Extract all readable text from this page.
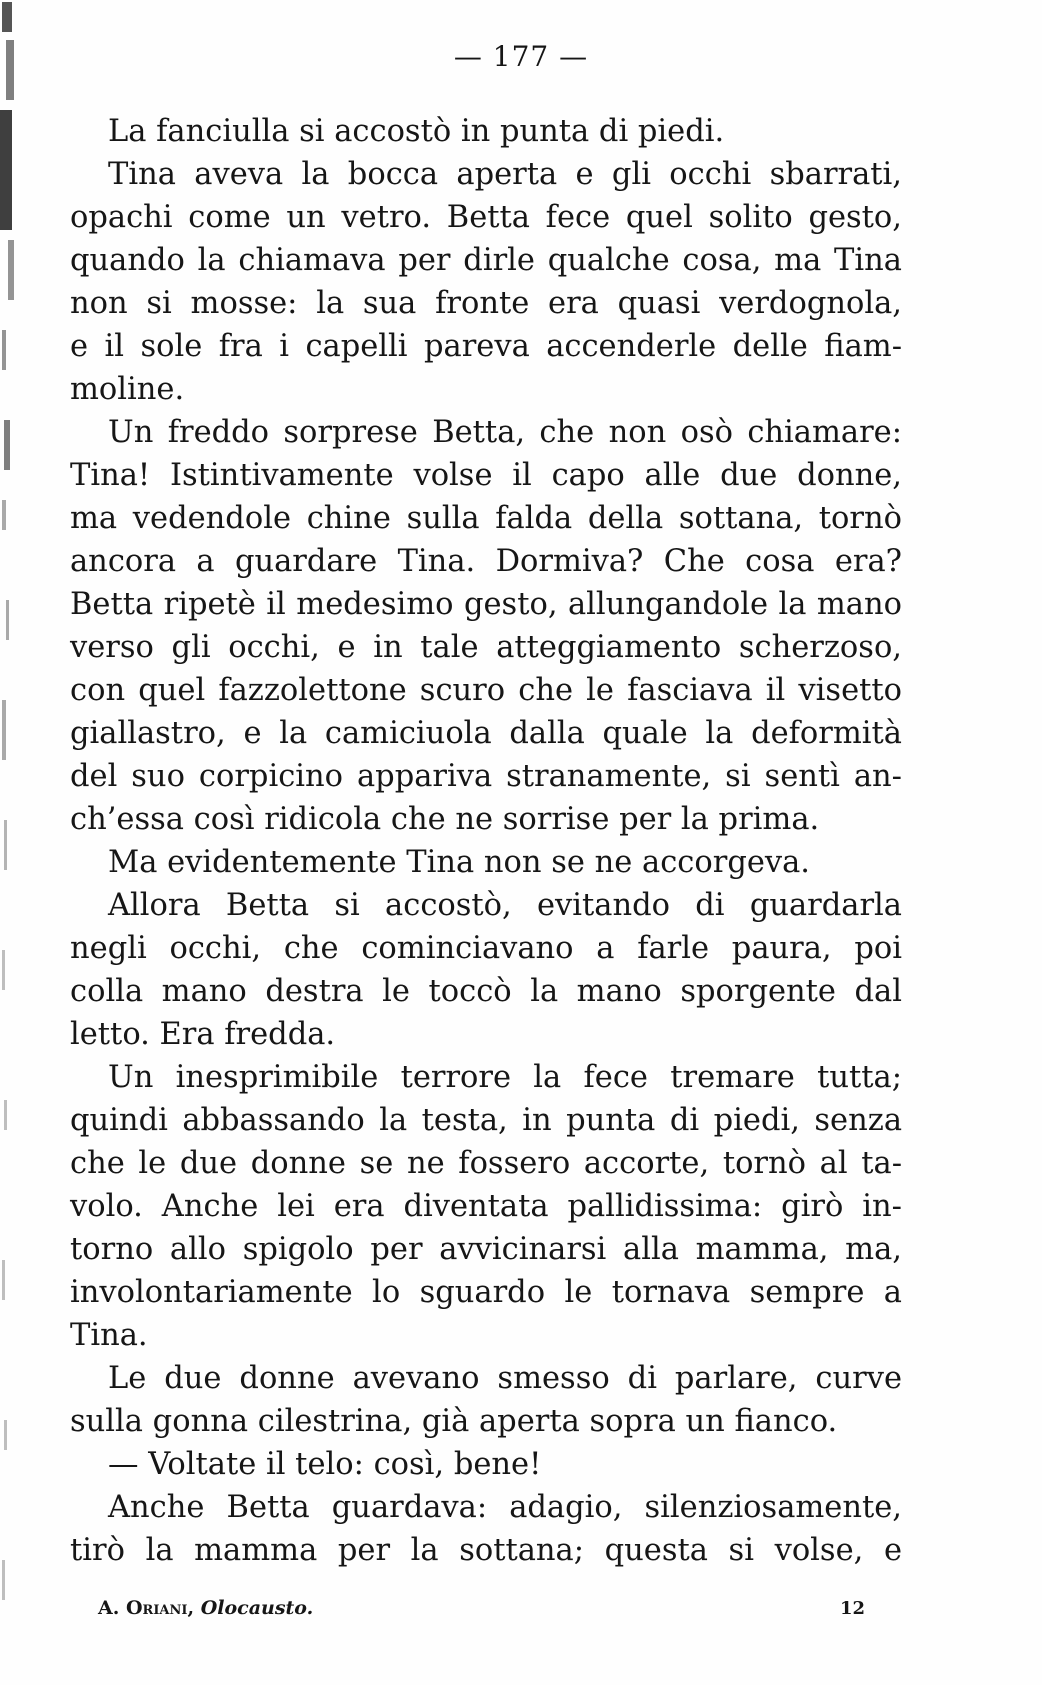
— 177 —
La fanciulla si accostò in punta di piedi.
Tina aveva la bocca aperta e gli occhi sbarrati,
opachi come un vetro. Betta fece quel solito gesto,
quando la chiamava per dirle qualche cosa, ma Tina
non si mosse: la sua fronte era quasi verdognola,
e il sole fra i capelli pareva accenderle delle fiam-
moline.
Un freddo sorprese Betta, che non osò chiamare:
Tina! Istintivamente volse il capo alle due donne,
ma vedendole chine sulla falda della sottana, tornò
ancora a guardare Tina. Dormiva? Che cosa era?
Betta ripetè il medesimo gesto, allungandole la mano
verso gli occhi, e in tale atteggiamento scherzoso,
con quel fazzolettone scuro che le fasciava il visetto
giallastro, e la camiciuola dalla quale la deformità
del suo corpicino appariva stranamente, si sentì an-
ch’essa così ridicola che ne sorrise per la prima.
Ma evidentemente Tina non se ne accorgeva.
Allora Betta si accostò, evitando di guardarla
negli occhi, che cominciavano a farle paura, poi
colla mano destra le toccò la mano sporgente dal
letto. Era fredda.
Un inesprimibile terrore la fece tremare tutta;
quindi abbassando la testa, in punta di piedi, senza
che le due donne se ne fossero accorte, tornò al ta-
volo. Anche lei era diventata pallidissima: girò in-
torno allo spigolo per avvicinarsi alla mamma, ma,
involontariamente lo sguardo le tornava sempre a
Tina.
Le due donne avevano smesso di parlare, curve
sulla gonna cilestrina, già aperta sopra un fianco.
— Voltate il telo: così, bene!
Anche Betta guardava: adagio, silenziosamente,
tirò la mamma per la sottana; questa si volse, e
A. Oriani, Olocausto.	12
